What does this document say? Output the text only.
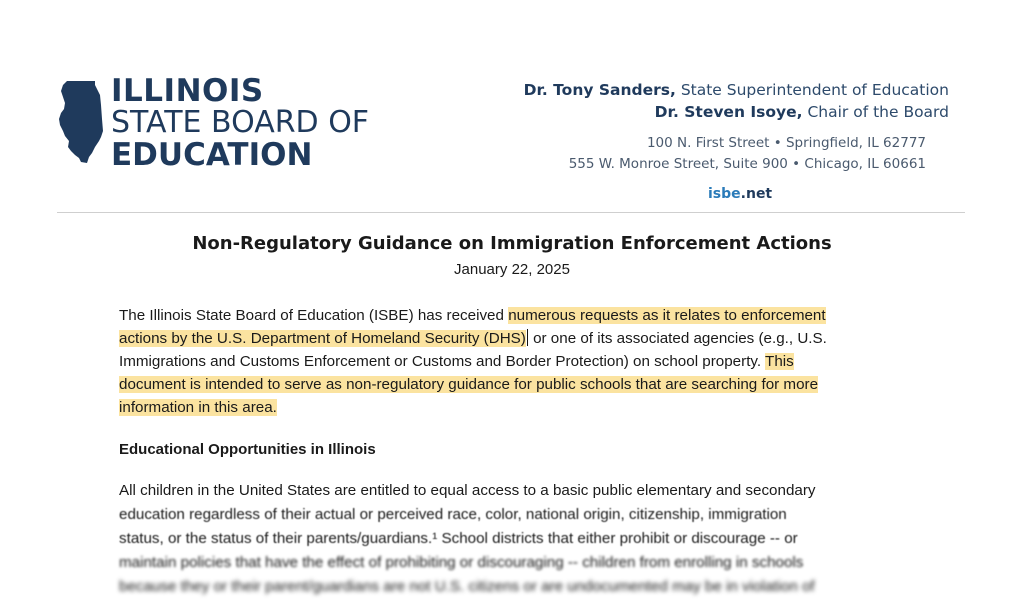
ILLINOIS
STATE BOARD OF
EDUCATION
Dr. Tony Sanders, State Superintendent of Education
Dr. Steven Isoye, Chair of the Board
100 N. First Street • Springfield, IL 62777
555 W. Monroe Street, Suite 900 • Chicago, IL 60661
isbe.net
Non-Regulatory Guidance on Immigration Enforcement Actions
January 22, 2025
The Illinois State Board of Education (ISBE) has received numerous requests as it relates to enforcement
actions by the U.S. Department of Homeland Security (DHS) or one of its associated agencies (e.g., U.S.
Immigrations and Customs Enforcement or Customs and Border Protection) on school property. This
document is intended to serve as non-regulatory guidance for public schools that are searching for more
information in this area.
Educational Opportunities in Illinois
All children in the United States are entitled to equal access to a basic public elementary and secondary
education regardless of their actual or perceived race, color, national origin, citizenship, immigration
status, or the status of their parents/guardians.¹ School districts that either prohibit or discourage -- or
maintain policies that have the effect of prohibiting or discouraging -- children from enrolling in schools
because they or their parent/guardians are not U.S. citizens or are undocumented may be in violation of
